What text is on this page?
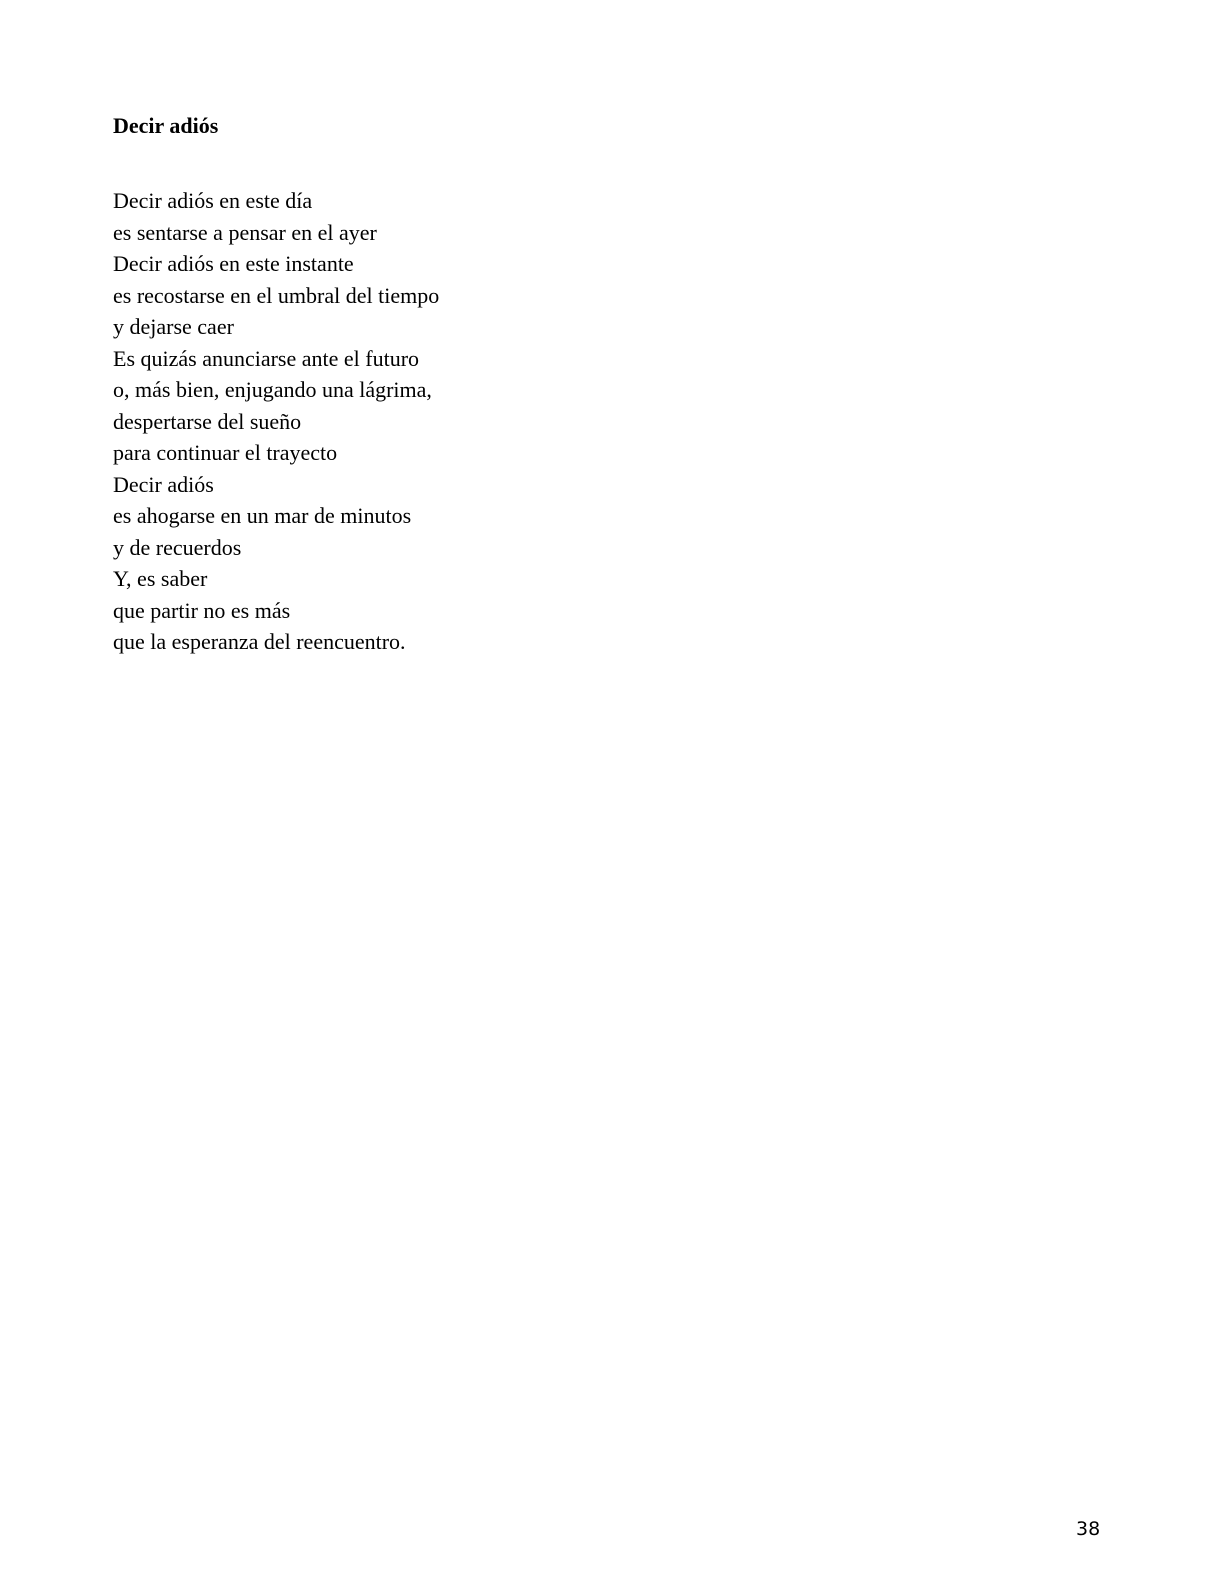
Decir adiós
Decir adiós en este día
es sentarse a pensar en el ayer
Decir adiós en este instante
es recostarse en el umbral del tiempo
y dejarse caer
Es quizás anunciarse ante el futuro
o, más bien, enjugando una lágrima,
despertarse del sueño
para continuar el trayecto
Decir adiós
es ahogarse en un mar de minutos
y de recuerdos
Y, es saber
que partir no es más
que la esperanza del reencuentro.
38
